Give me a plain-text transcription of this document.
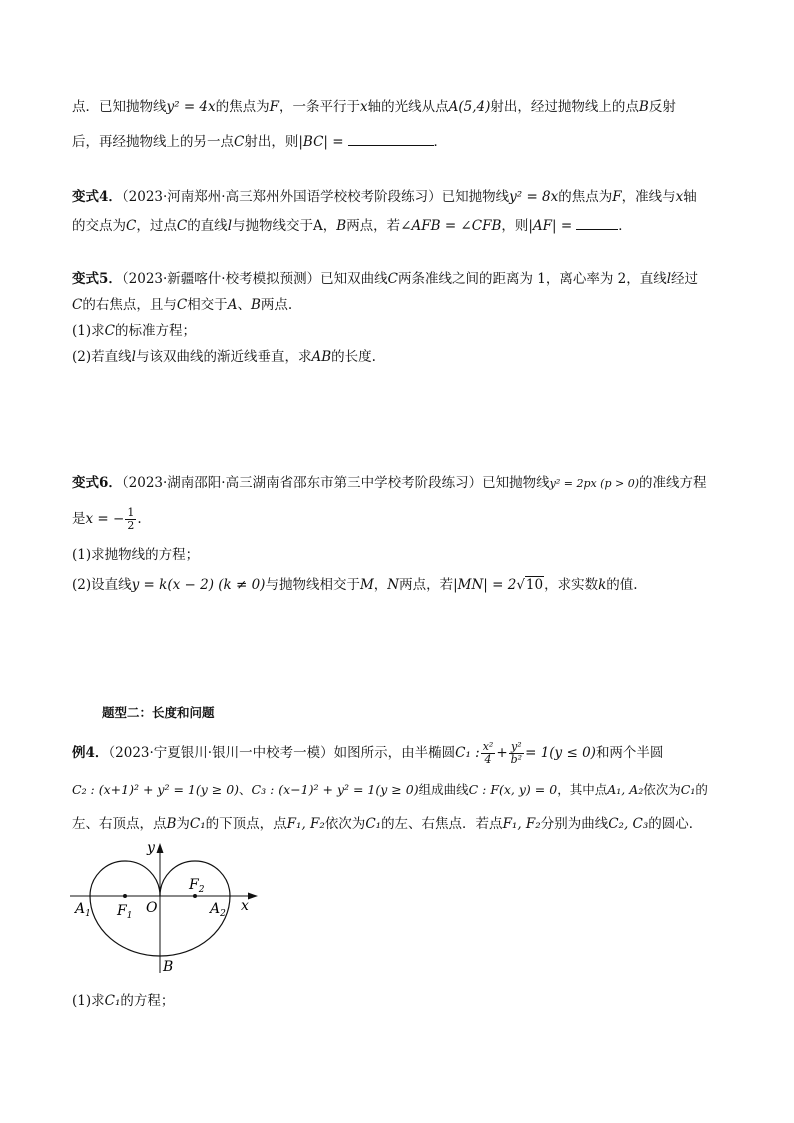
点．已知抛物线y² = 4x的焦点为F，一条平行于x轴的光线从点A(5,4)射出，经过抛物线上的点B反射
后，再经抛物线上的另一点C射出，则|BC| =	．
变式4．（2023·河南郑州·高三郑州外国语学校校考阶段练习）已知抛物线y² = 8x的焦点为F，准线与x轴
的交点为C，过点C的直线l与抛物线交于A，B两点，若∠AFB = ∠CFB，则|AF| =	．
变式5．（2023·新疆喀什·校考模拟预测）已知双曲线C两条准线之间的距离为 1，离心率为 2，直线l经过
C的右焦点，且与C相交于A、B两点.
(1)求C的标准方程；
(2)若直线l与该双曲线的渐近线垂直，求AB的长度.
变式6．（2023·湖南邵阳·高三湖南省邵东市第三中学校考阶段练习）已知抛物线y² = 2px (p > 0)的准线方程
是x = − $\frac{1}{2}$ .
(1)求抛物线的方程；
(2)设直线y = k(x − 2) (k ≠ 0)与抛物线相交于M，N两点，若|MN| = 2√10，求实数k的值.
题型二：长度和问题
例4．（2023·宁夏银川·银川一中校考一模）如图所示，由半椭圆C₁ : $\frac{\text{x²}}{4} + \frac{\text{y²}}{\text{b²}} = 1(y \le 0)$和两个半圆
C₂ : (x+1)² + y² = 1(y ≥ 0)、C₃ : (x−1)² + y² = 1(y ≥ 0)组成曲线C : F(x, y) = 0，其中点A₁, A₂依次为C₁的
左、右顶点，点B为C₁的下顶点，点F₁, F₂依次为C₁的左、右焦点．若点F₁, F₂分别为曲线C₂, C₃的圆心．
y
x
O
$A_1$ $F_1$
$F_2$
$A_2$
B
(1)求C₁的方程；
